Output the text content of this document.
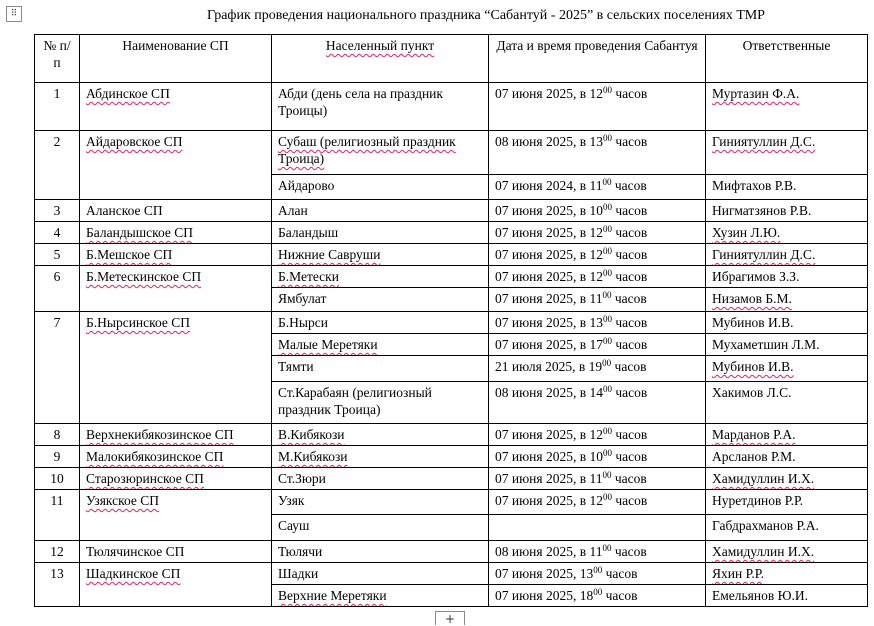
⠿	График проведения национального праздника “Сабантуй - 2025” в сельских поселениях ТМР
№ п/п	Наименование СП	Населенный пункт	Дата и время проведения Сабантуя	Ответственные
1	Абдинское СП	Абди (день села на праздник Троицы)	07 июня 2025, в $12^{00}$ часов	Муртазин Ф.А.
2	Айдаровское СП	Субаш (религиозный праздник Троица)	08 июня 2025, в $13^{00}$ часов	Гиниятуллин Д.С.
		Айдарово	07 июня 2024, в $11^{00}$ часов	Мифтахов Р.В.
3	Аланское СП	Алан	07 июня 2025, в $10^{00}$ часов	Нигматзянов Р.В.
4	Баландышское СП	Баландыш	07 июня 2025, в $12^{00}$ часов	Хузин Л.Ю.
5	Б.Мешское СП	Нижние Савруши	07 июня 2025, в $12^{00}$ часов	Гиниятуллин Д.С.
6	Б.Метескинское СП	Б.Метески	07 июня 2025, в $12^{00}$ часов	Ибрагимов З.З.
		Ямбулат	07 июня 2025, в $11^{00}$ часов	Низамов Б.М.
7	Б.Нырсинское СП	Б.Нырси	07 июня 2025, в $13^{00}$ часов	Мубинов И.В.
		Малые Меретяки	07 июня 2025, в $17^{00}$ часов	Мухаметшин Л.М.
		Тямти	21 июля 2025, в $19^{00}$ часов	Мубинов И.В.
		Ст.Карабаян (религиозный праздник Троица)	08 июня 2025, в $14^{00}$ часов	Хакимов Л.С.
8	Верхнекибякозинское СП	В.Кибякози	07 июня 2025, в $12^{00}$ часов	Марданов Р.А.
9	Малокибякозинское СП	М.Кибякози	07 июня 2025, в $10^{00}$ часов	Арсланов Р.М.
10	Старозюринское СП	Ст.Зюри	07 июня 2025, в $11^{00}$ часов	Хамидуллин И.Х.
11	Узякское СП	Узяк	07 июня 2025, в $12^{00}$ часов	Нуретдинов Р.Р.
		Сауш		Габдрахманов Р.А.
12	Тюлячинское СП	Тюлячи	08 июня 2025, в $11^{00}$ часов	Хамидуллин И.Х.
13	Шадкинское СП	Шадки	07 июня 2025, $13^{00}$ часов	Яхин Р.Р.
		Верхние Меретяки	07 июня 2025, $18^{00}$ часов	Емельянов Ю.И.
+
